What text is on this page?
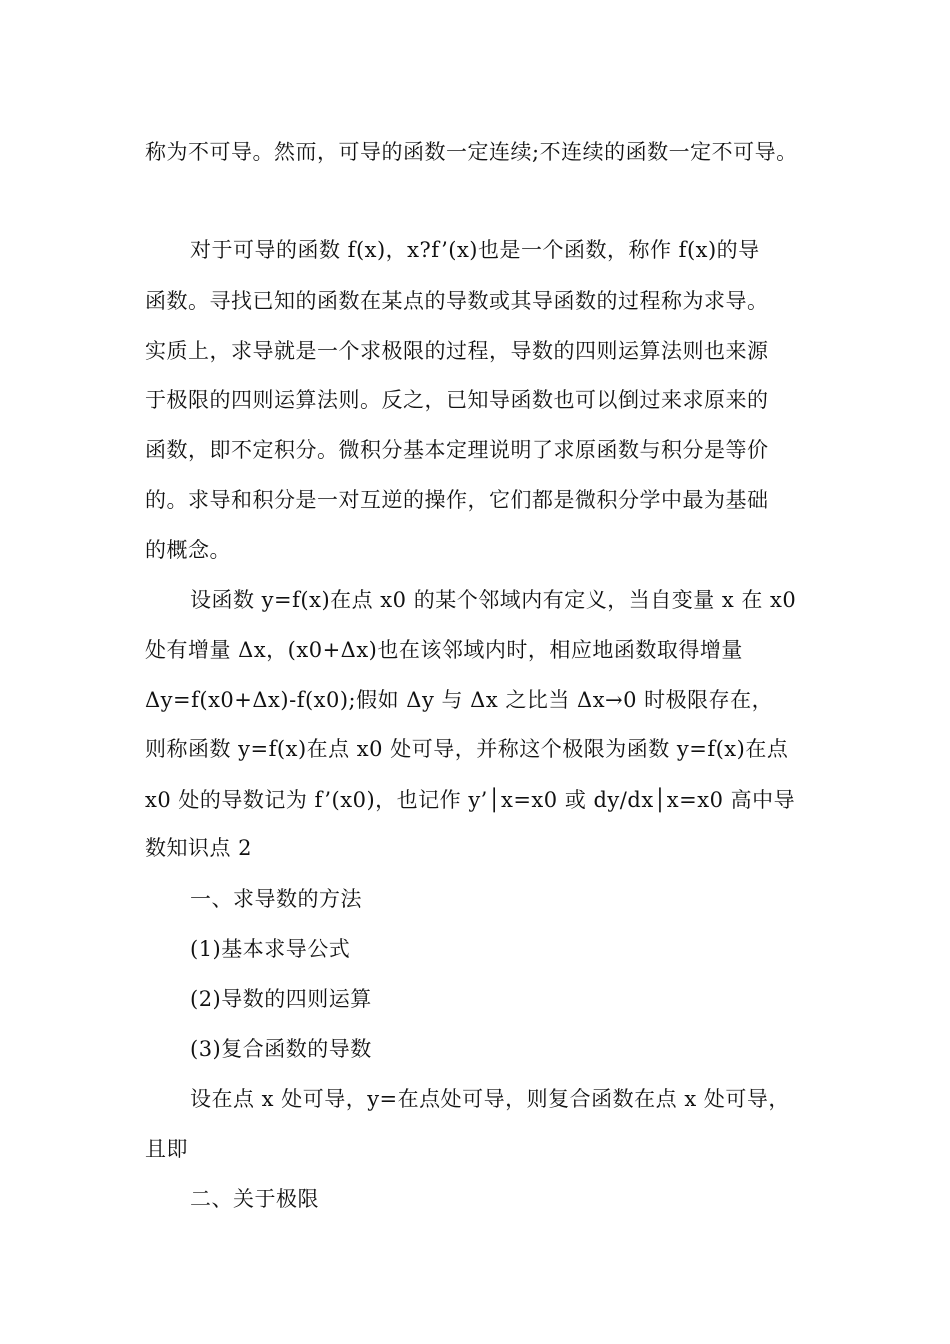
称为不可导。然而，可导的函数一定连续;不连续的函数一定不可导。
对于可导的函数 f(x)，x?f’(x)也是一个函数，称作 f(x)的导
函数。寻找已知的函数在某点的导数或其导函数的过程称为求导。
实质上，求导就是一个求极限的过程，导数的四则运算法则也来源
于极限的四则运算法则。反之，已知导函数也可以倒过来求原来的
函数，即不定积分。微积分基本定理说明了求原函数与积分是等价
的。求导和积分是一对互逆的操作，它们都是微积分学中最为基础
的概念。
设函数 y=f(x)在点 x0 的某个邻域内有定义，当自变量 x 在 x0
处有增量 Δx，(x0+Δx)也在该邻域内时，相应地函数取得增量
Δy=f(x0+Δx)-f(x0);假如 Δy 与 Δx 之比当 Δx→0 时极限存在，
则称函数 y=f(x)在点 x0 处可导，并称这个极限为函数 y=f(x)在点
x0 处的导数记为 f’(x0)，也记作 y’│x=x0 或 dy/dx│x=x0 高中导
数知识点 2
一、求导数的方法
(1)基本求导公式
(2)导数的四则运算
(3)复合函数的导数
设在点 x 处可导，y=在点处可导，则复合函数在点 x 处可导，
且即
二、关于极限
